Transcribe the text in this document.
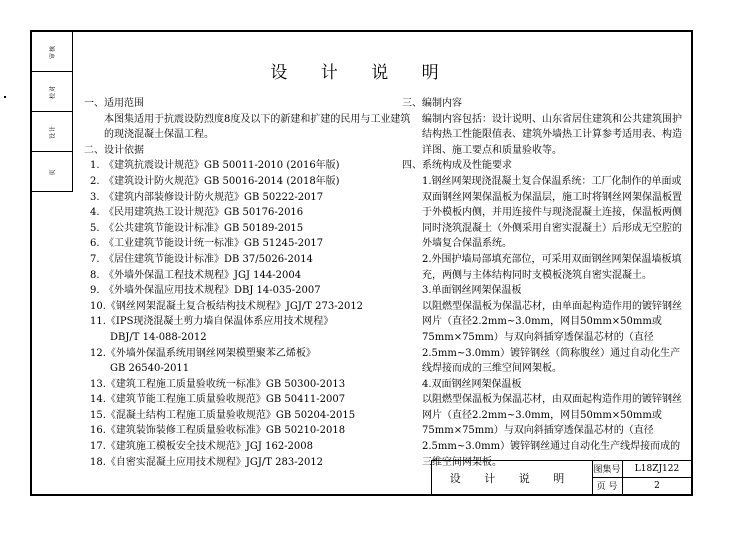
审核
校对
设计
页
设 计 说 明

一、适用范围

本图集适用于抗震设防烈度8度及以下的新建和扩建的民用与工业建筑的现浇混凝土保温工程。

二、设计依据

1. 《建筑抗震设计规范》GB 50011-2010 (2016年版)
2. 《建筑设计防火规范》GB 50016-2014 (2018年版)
3. 《建筑内部装修设计防火规范》GB 50222-2017
4. 《民用建筑热工设计规范》GB 50176-2016
5. 《公共建筑节能设计标准》GB 50189-2015
6. 《工业建筑节能设计统一标准》GB 51245-2017
7. 《居住建筑节能设计标准》DB 37/5026-2014
8. 《外墙外保温工程技术规程》JGJ 144-2004
9. 《外墙外保温应用技术规程》DBJ 14-035-2007
10.《钢丝网架混凝土复合板结构技术规程》JGJ/T 273-2012
11.《IPS现浇混凝土剪力墙自保温体系应用技术规程》
DBJ/T 14-088-2012
12.《外墙外保温系统用钢丝网架模塑聚苯乙烯板》
GB 26540-2011
13.《建筑工程施工质量验收统一标准》GB 50300-2013
14.《建筑节能工程施工质量验收规范》GB 50411-2007
15.《混凝土结构工程施工质量验收规范》GB 50204-2015
16.《建筑装饰装修工程质量验收标准》GB 50210-2018
17.《建筑施工模板安全技术规范》JGJ 162-2008
18.《自密实混凝土应用技术规程》JGJ/T 283-2012

三、编制内容

编制内容包括：设计说明、山东省居住建筑和公共建筑围护结构热工性能限值表、建筑外墙热工计算参考适用表、构造详图、施工要点和质量验收等。

四、系统构成及性能要求

1.钢丝网架现浇混凝土复合保温系统：工厂化制作的单面或双面钢丝网架保温板为保温层，施工时将钢丝网架保温板置于外模板内侧，并用连接件与现浇混凝土连接，保温板两侧同时浇筑混凝土（外侧采用自密实混凝土）后形成无空腔的外墙复合保温系统。

2.外围护墙局部填充部位，可采用双面钢丝网架保温墙板填充，两侧与主体结构同时支模板浇筑自密实混凝土。

3.单面钢丝网架保温板

以阻燃型保温板为保温芯材，由单面起构造作用的镀锌钢丝网片（直径2.2mm~3.0mm，网目50mm×50mm或75mm×75mm）与双向斜插穿透保温芯材的（直径2.5mm~3.0mm）镀锌钢丝（筒称腹丝）通过自动化生产线焊接而成的三维空间网架板。

4.双面钢丝网架保温板

以阻燃型保温板为保温芯材，由双面起构造作用的镀锌钢丝网片（直径2.2mm~3.0mm，网目50mm×50mm或75mm×75mm）与双向斜插穿透保温芯材的（直径2.5mm~3.0mm）镀锌钢丝通过自动化生产线焊接而成的三维空间网架板。

设 计 说 明
图集号	L18ZJ122
页 号	2
